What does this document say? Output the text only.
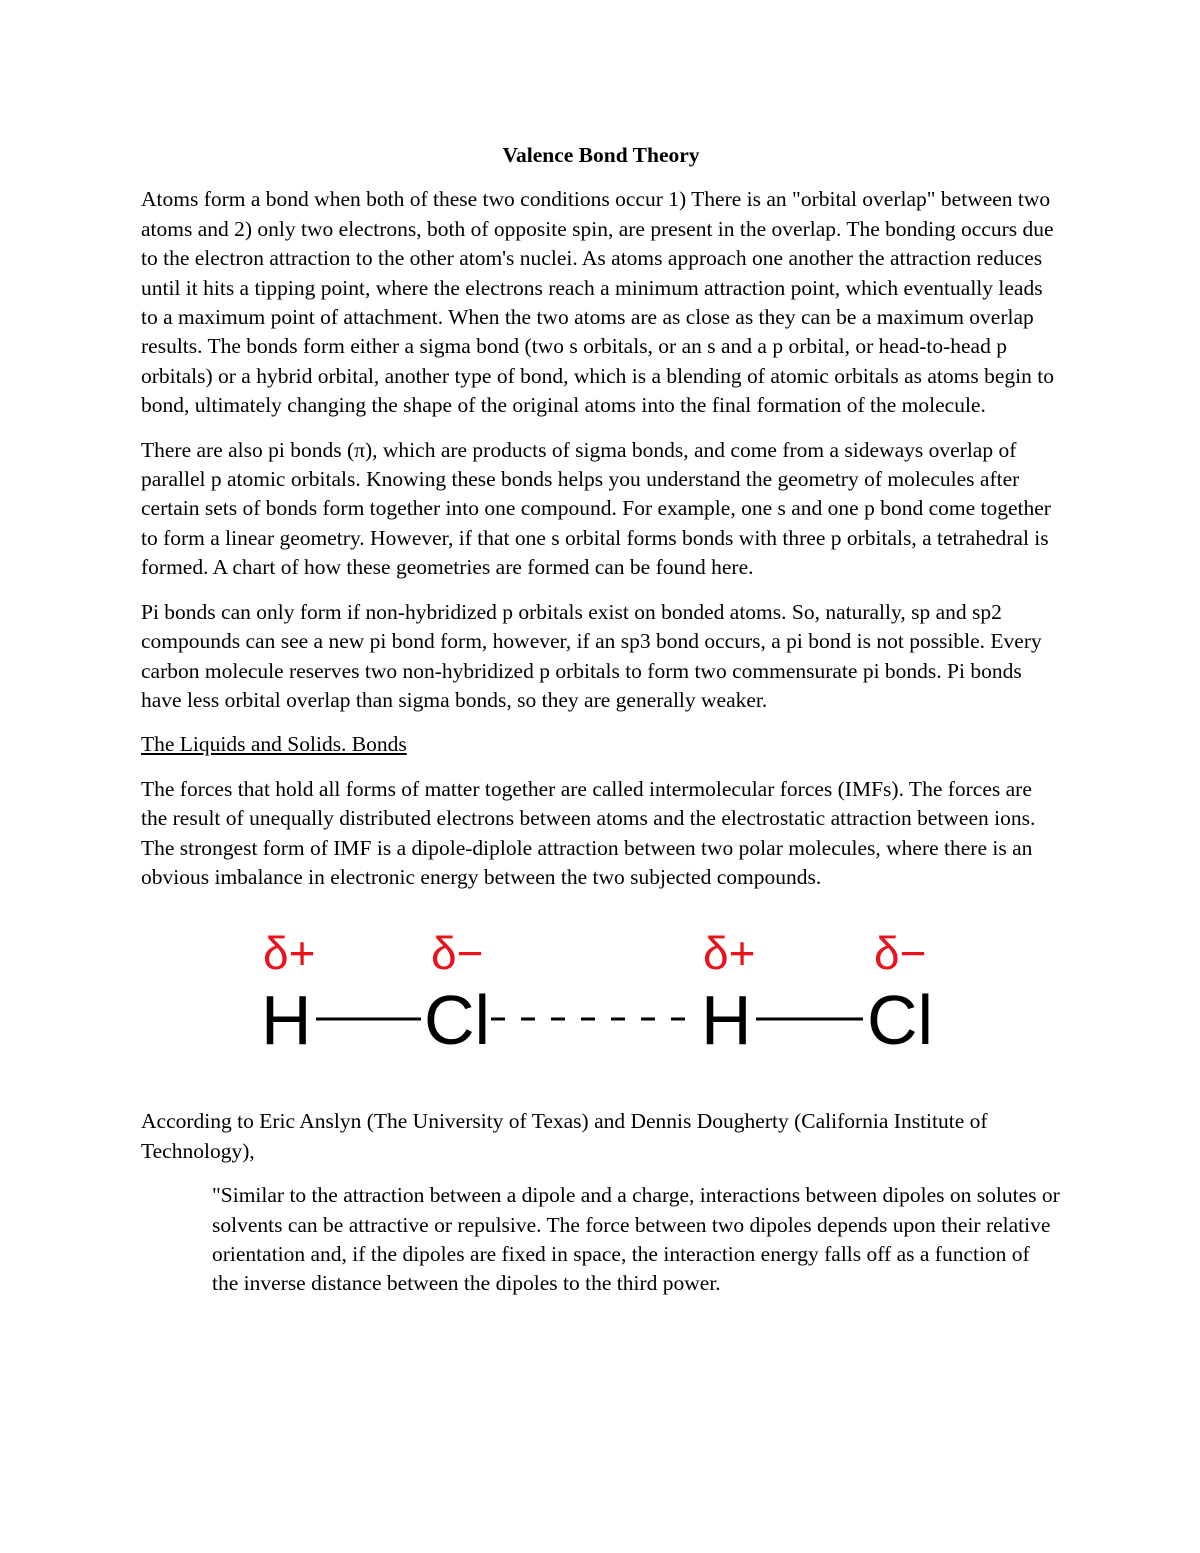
Valence Bond Theory

Atoms form a bond when both of these two conditions occur 1) There is an "orbital overlap" between two atoms and 2) only two electrons, both of opposite spin, are present in the overlap. The bonding occurs due to the electron attraction to the other atom's nuclei. As atoms approach one another the attraction reduces until it hits a tipping point, where the electrons reach a minimum attraction point, which eventually leads to a maximum point of attachment. When the two atoms are as close as they can be a maximum overlap results. The bonds form either a sigma bond (two s orbitals, or an s and a p orbital, or head-to-head p orbitals) or a hybrid orbital, another type of bond, which is a blending of atomic orbitals as atoms begin to bond, ultimately changing the shape of the original atoms into the final formation of the molecule.

There are also pi bonds (π), which are products of sigma bonds, and come from a sideways overlap of parallel p atomic orbitals. Knowing these bonds helps you understand the geometry of molecules after certain sets of bonds form together into one compound. For example, one s and one p bond come together to form a linear geometry. However, if that one s orbital forms bonds with three p orbitals, a tetrahedral is formed. A chart of how these geometries are formed can be found here.

Pi bonds can only form if non-hybridized p orbitals exist on bonded atoms. So, naturally, sp and sp2 compounds can see a new pi bond form, however, if an sp3 bond occurs, a pi bond is not possible. Every carbon molecule reserves two non-hybridized p orbitals to form two commensurate pi bonds. Pi bonds have less orbital overlap than sigma bonds, so they are generally weaker.

The Liquids and Solids. Bonds

The forces that hold all forms of matter together are called intermolecular forces (IMFs). The forces are the result of unequally distributed electrons between atoms and the electrostatic attraction between ions. The strongest form of IMF is a dipole-diplole attraction between two polar molecules, where there is an obvious imbalance in electronic energy between the two subjected compounds.

δ+	δ−	δ+	δ−
H Cl	H Cl

According to Eric Anslyn (The University of Texas) and Dennis Dougherty (California Institute of Technology),

"Similar to the attraction between a dipole and a charge, interactions between dipoles on solutes or solvents can be attractive or repulsive. The force between two dipoles depends upon their relative orientation and, if the dipoles are fixed in space, the interaction energy falls off as a function of the inverse distance between the dipoles to the third power.
